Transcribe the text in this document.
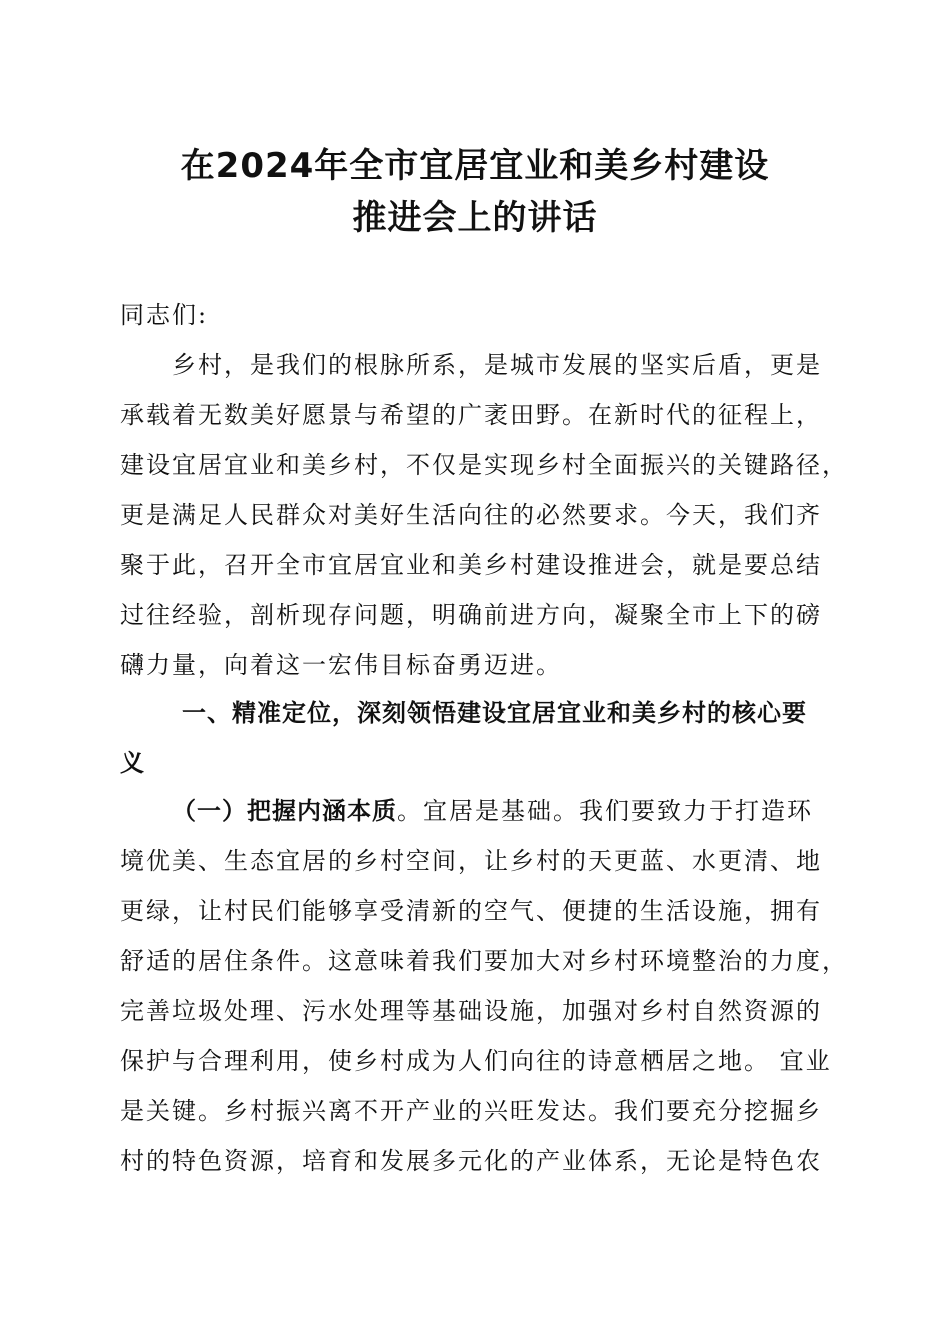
在2024年全市宜居宜业和美乡村建设
推进会上的讲话
同志们:
乡村，是我们的根脉所系，是城市发展的坚实后盾，更是
承载着无数美好愿景与希望的广袤田野。在新时代的征程上，
建设宜居宜业和美乡村，不仅是实现乡村全面振兴的关键路径，
更是满足人民群众对美好生活向往的必然要求。今天，我们齐
聚于此，召开全市宜居宜业和美乡村建设推进会，就是要总结
过往经验，剖析现存问题，明确前进方向，凝聚全市上下的磅
礴力量，向着这一宏伟目标奋勇迈进。
一、精准定位，深刻领悟建设宜居宜业和美乡村的核心要
义
（一）把握内涵本质。宜居是基础。我们要致力于打造环
境优美、生态宜居的乡村空间，让乡村的天更蓝、水更清、地
更绿，让村民们能够享受清新的空气、便捷的生活设施，拥有
舒适的居住条件。这意味着我们要加大对乡村环境整治的力度，
完善垃圾处理、污水处理等基础设施，加强对乡村自然资源的
保护与合理利用，使乡村成为人们向往的诗意栖居之地。 宜业
是关键。乡村振兴离不开产业的兴旺发达。我们要充分挖掘乡
村的特色资源，培育和发展多元化的产业体系，无论是特色农
